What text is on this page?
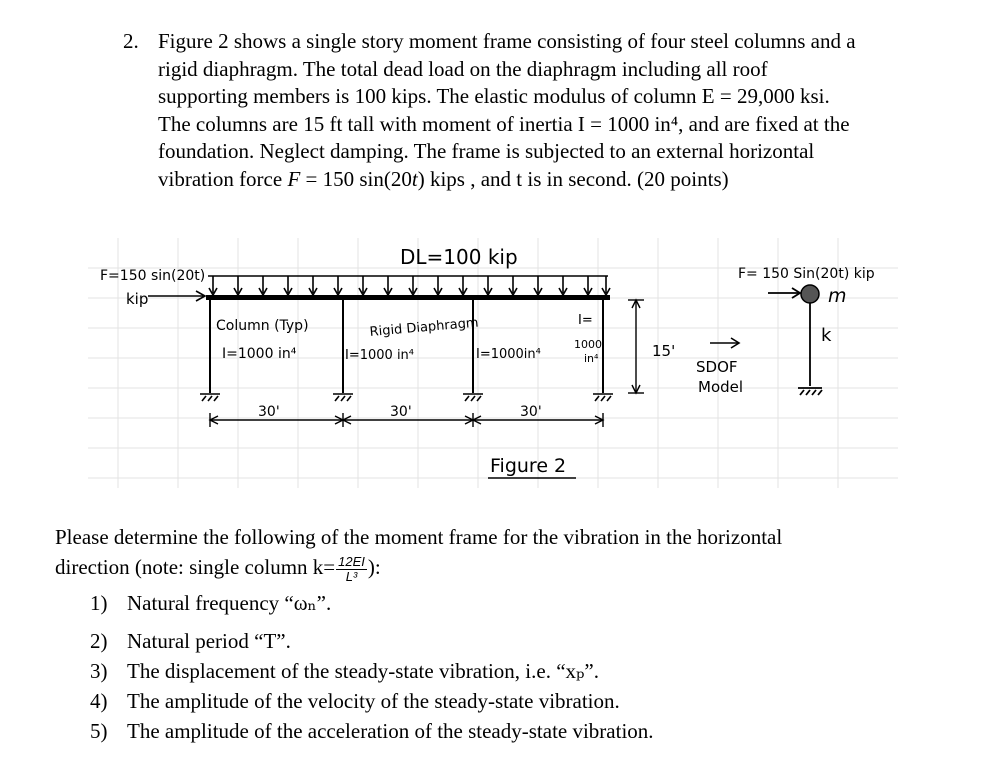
2. Figure 2 shows a single story moment frame consisting of four steel columns and a
rigid diaphragm. The total dead load on the diaphragm including all roof
supporting members is 100 kips. The elastic modulus of column E = 29,000 ksi.
The columns are 15 ft tall with moment of inertia I = 1000 in⁴, and are fixed at the
foundation. Neglect damping. The frame is subjected to an external horizontal
vibration force F = 150 sin(20t) kips , and t is in second. (20 points)
DL=100 kip
F=150 sin(20t)
kip
Column (Typ)
I=1000 in⁴
Rigid Diaphragm
I=1000 in⁴	I=1000in⁴
I=
1000
in⁴	15'
30'	30'	30'
Figure 2
SDOF
Model
F= 150 Sin(20t) kip
m
k

Please determine the following of the moment frame for the vibration in the horizontal

direction (note: single column $k= \frac{12EI}{\text{L³}}$ ):

1) Natural frequency “ωₙ”.
2) Natural period “T”.
3) The displacement of the steady-state vibration, i.e. “xₚ”.
4) The amplitude of the velocity of the steady-state vibration.
5) The amplitude of the acceleration of the steady-state vibration.
